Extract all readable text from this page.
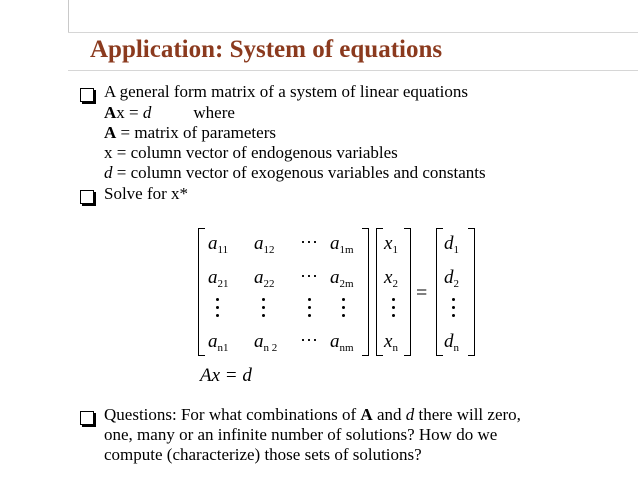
Application: System of equations
A general form matrix of a system of linear equations
Ax = d where
A = matrix of parameters
x = column vector of endogenous variables
d = column vector of exogenous variables and constants
Solve for x*
$a_{11}$ $a_{12}$ ⋯ $a_{1m}$
$a_{21}$ $a_{22}$ ⋯ $a_{2m}$
$a_{n1}$ $a_{n 2}$ ⋯ $a_{nm}$
$x_1$
$x_2$
$x_n$
=
$d_1$
$d_2$
$d_n$
Ax = d
Questions: For what combinations of A and d there will zero,
one, many or an infinite number of solutions? How do we
compute (characterize) those sets of solutions?
